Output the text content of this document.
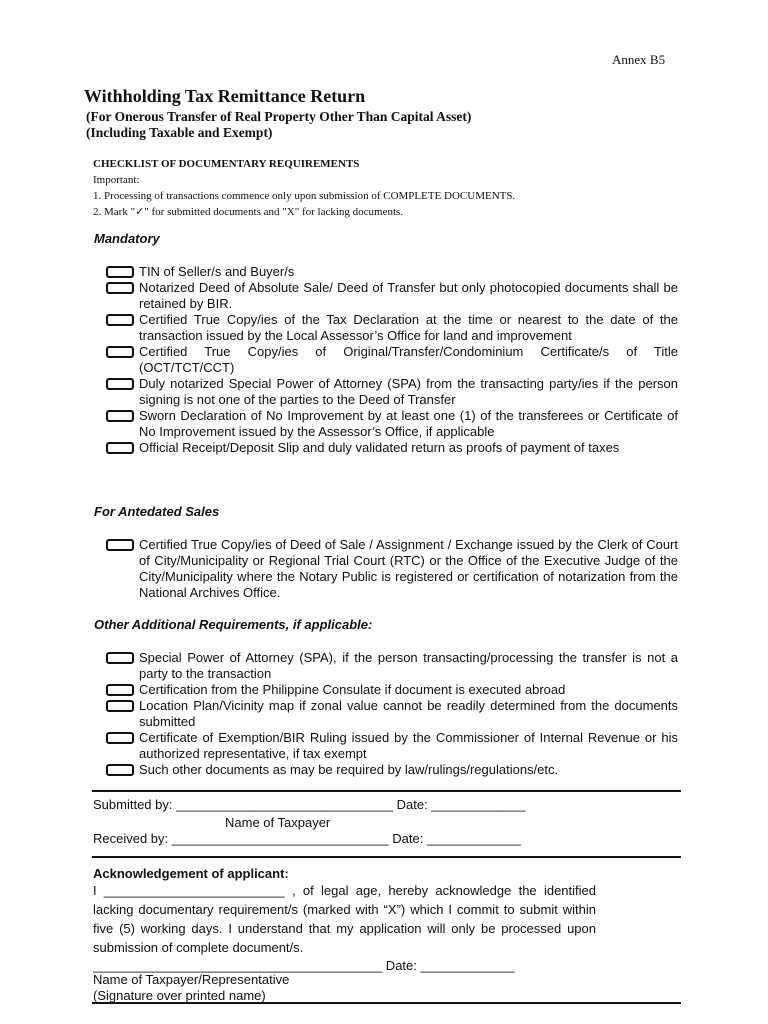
Annex B5
Withholding Tax Remittance Return
(For Onerous Transfer of Real Property Other Than Capital Asset)
(Including Taxable and Exempt)
CHECKLIST OF DOCUMENTARY REQUIREMENTS
Important:
1. Processing of transactions commence only upon submission of COMPLETE DOCUMENTS.
2. Mark "✓" for submitted documents and "X" for lacking documents.
Mandatory
TIN of Seller/s and Buyer/s
Notarized Deed of Absolute Sale/ Deed of Transfer but only photocopied documents shall be retained by BIR.
Certified True Copy/ies of the Tax Declaration at the time or nearest to the date of the transaction issued by the Local Assessor’s Office for land and improvement
Certified True Copy/ies of Original/Transfer/Condominium Certificate/s of Title (OCT/TCT/CCT)
Duly notarized Special Power of Attorney (SPA) from the transacting party/ies if the person signing is not one of the parties to the Deed of Transfer
Sworn Declaration of No Improvement by at least one (1) of the transferees or Certificate of No Improvement issued by the Assessor’s Office, if applicable
Official Receipt/Deposit Slip and duly validated return as proofs of payment of taxes
For Antedated Sales
Certified True Copy/ies of Deed of Sale / Assignment / Exchange issued by the Clerk of Court of City/Municipality or Regional Trial Court (RTC) or the Office of the Executive Judge of the City/Municipality where the Notary Public is registered or certification of notarization from the National Archives Office.
Other Additional Requirements, if applicable:
Special Power of Attorney (SPA), if the person transacting/processing the transfer is not a party to the transaction
Certification from the Philippine Consulate if document is executed abroad
Location Plan/Vicinity map if zonal value cannot be readily determined from the documents submitted
Certificate of Exemption/BIR Ruling issued by the Commissioner of Internal Revenue or his authorized representative, if tax exempt
Such other documents as may be required by law/rulings/regulations/etc.
Submitted by: ______________________________ Date: _____________
Name of Taxpayer
Received by: ______________________________ Date: _____________
Acknowledgement of applicant:
I _________________________ , of legal age, hereby acknowledge the identified lacking documentary requirement/s (marked with “X”) which I commit to submit within five (5) working days. I understand that my application will only be processed upon submission of complete document/s.
________________________________________ Date: _____________
Name of Taxpayer/Representative
(Signature over printed name)
